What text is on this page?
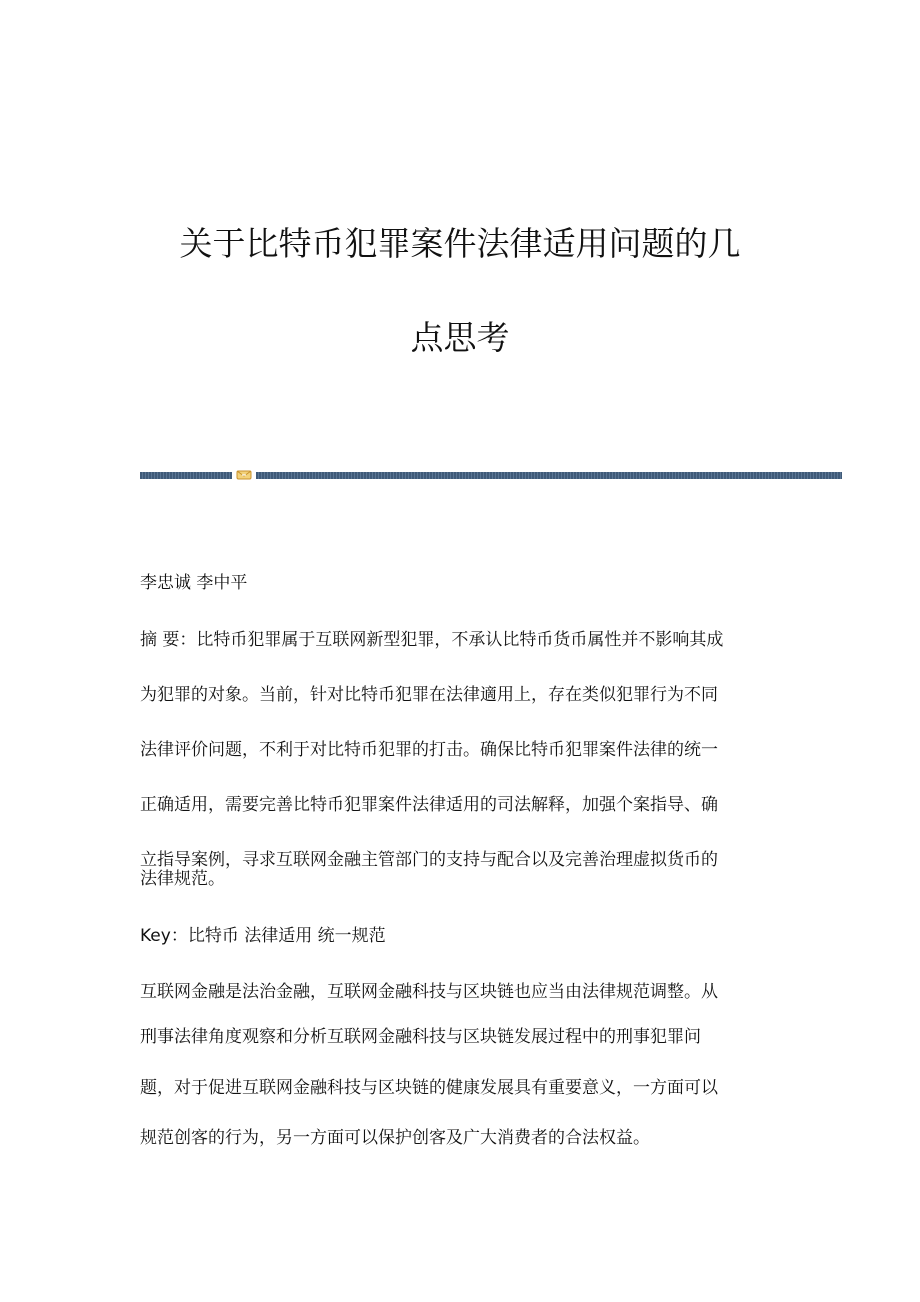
关于比特币犯罪案件法律适用问题的几
点思考
李忠诚 李中平
摘 要：比特币犯罪属于互联网新型犯罪，不承认比特币货币属性并不影响其成
为犯罪的对象。当前，针对比特币犯罪在法律適用上，存在类似犯罪行为不同
法律评价问题，不利于对比特币犯罪的打击。确保比特币犯罪案件法律的统一
正确适用，需要完善比特币犯罪案件法律适用的司法解释，加强个案指导、确
立指导案例，寻求互联网金融主管部门的支持与配合以及完善治理虚拟货币的
法律规范。
Key：比特币 法律适用 统一规范
互联网金融是法治金融，互联网金融科技与区块链也应当由法律规范调整。从
刑事法律角度观察和分析互联网金融科技与区块链发展过程中的刑事犯罪问
题，对于促进互联网金融科技与区块链的健康发展具有重要意义，一方面可以
规范创客的行为，另一方面可以保护创客及广大消费者的合法权益。
